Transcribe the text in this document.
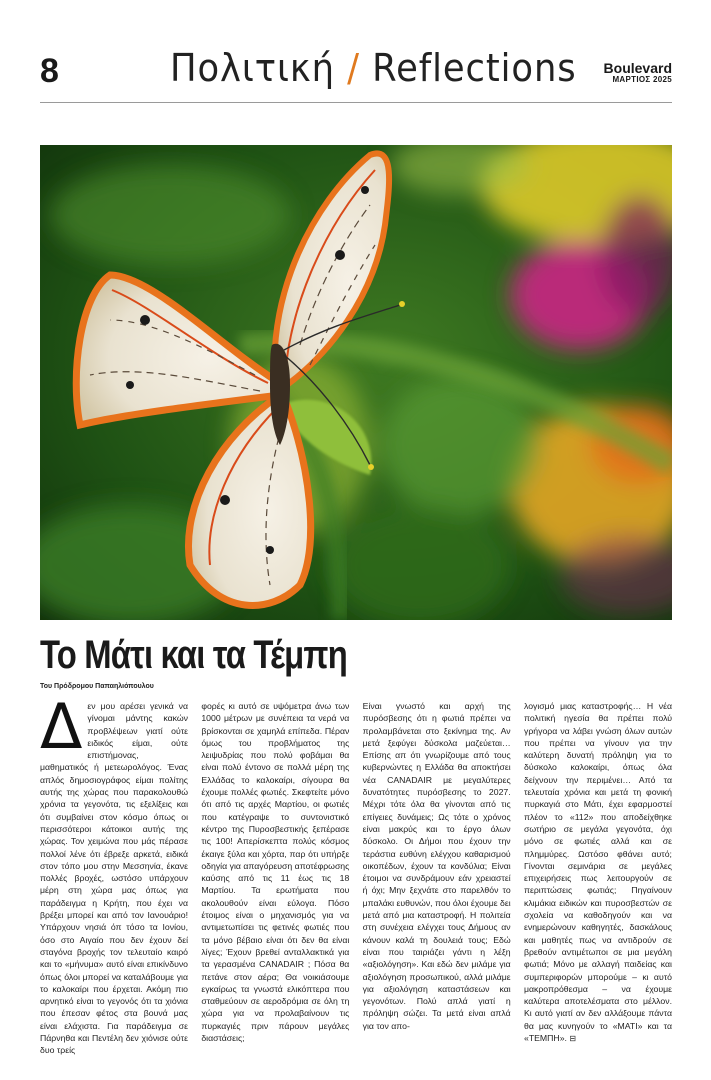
8	Πολιτική / Reflections Boulevard
ΜΑΡΤΙΟΣ 2025
Το Μάτι και τα Τέμπη
Του Πρόδρομου Παπαηλιόπουλου
Δ εν μου αρέσει γενικά να γίνομαι μάντης κακών προβλέψεων γιατί ούτε ειδικός είμαι, ούτε επιστήμονας, μαθηματικός ή μετεωρολόγος. Ένας απλός δημοσιογράφος είμαι πολίτης αυτής της χώρας που παρακολουθώ χρόνια τα γεγονότα, τις εξελίξεις και ότι συμβαίνει στον κόσμο όπως οι περισσότεροι κάτοικοι αυτής της χώρας. Τον χειμώνα που μάς πέρασε πολλοί λένε ότι έβρεξε αρκετά, ειδικά στον τόπο μου στην Μεσσηνία, έκανε πολλές βροχές, ωστόσο υπάρχουν μέρη στη χώρα μας όπως για παράδειγμα η Κρήτη, που έχει να βρέξει μπορεί και από τον Ιανουάριο! Υπάρχουν νησιά όπ τόσο τα Ιονίου, όσο στο Αιγαίο που δεν έχουν δεί σταγόνα βροχής τον τελευταίο καιρό και το «μήνυμα» αυτό είναι επικίνδυνο όπως όλοι μπορεί να καταλάβουμε για το καλοκαίρι που έρχεται. Ακόμη πιο αρνητικό είναι το γεγονός ότι τα χιόνια που έπεσαν φέτος στα βουνά μας είναι ελάχιστα. Για παράδειγμα σε Πάρνηθα και Πεντέλη δεν χιόνισε ούτε δυο τρείς

φορές κι αυτό σε υψόμετρα άνω των 1000 μέτρων με συνέπεια τα νερά να βρίσκονται σε χαμηλά επίπεδα. Πέραν όμως του προβλήματος της λειψυδρίας που πολύ φοβάμαι θα είναι πολύ έντονο σε πολλά μέρη της Ελλάδας το καλοκαίρι, σίγουρα θα έχουμε πολλές φωτιές. Σκεφτείτε μόνο ότι από τις αρχές Μαρτίου, οι φωτιές που κατέγραψε το συντονιστικό κέντρο της Πυροσβεστικής ξεπέρασε τις 100! Απερίσκεπτα πολύς κόσμος έκαιγε ξύλα και χόρτα, παρ ότι υπήρξε οδηγία για απαγόρευση αποτέφρωσης καύσης από τις 11 έως τις 18 Μαρτίου. Τα ερωτήματα που ακολουθούν είναι εύλογα. Πόσο έτοιμος είναι ο μηχανισμός για να αντιμετωπίσει τις φετινές φωτιές που τα μόνο βέβαιο είναι ότι δεν θα είναι λίγες; Έχουν βρεθεί ανταλλακτικά για τα γερασμένα CANADAIR ; Πόσα θα πετάνε στον αέρα; Θα νοικιάσουμε εγκαίρως τα γνωστά ελικόπτερα που σταθμεύουν σε αεροδρόμια σε όλη τη χώρα για να προλαβαίνουν τις πυρκαγιές πριν πάρουν μεγάλες διαστάσεις;

Είναι γνωστό και αρχή της πυρόσβεσης ότι η φωτιά πρέπει να προλαμβάνεται στο ξεκίνημα της. Αν μετά ξεφύγει δύσκολα μαζεύεται… Επίσης απ ότι γνωρίζουμε από τους κυβερνώντες η Ελλάδα θα αποκτήσει νέα CANADAIR με μεγαλύτερες δυνατότητες πυρόσβεσης το 2027. Μέχρι τότε όλα θα γίνονται από τις επίγειες δυνάμεις; Ως τότε ο χρόνος είναι μακρύς και το έργο όλων δύσκολο. Οι Δήμοι που έχουν την τεράστια ευθύνη ελέγχου καθαρισμού οικοπέδων, έχουν τα κονδύλια; Είναι έτοιμοι να συνδράμουν εάν χρειαστεί ή όχι; Μην ξεχνάτε στο παρελθόν το μπαλάκι ευθυνών, που όλοι έχουμε δει μετά από μια καταστροφή. Η πολιτεία στη συνέχεια ελέγχει τους Δήμους αν κάνουν καλά τη δουλειά τους; Εδώ είναι που ταιριάζει γάντι η λέξη «αξιολόγηση». Και εδώ δεν μιλάμε για αξιολόγηση προσωπικού, αλλά μιλάμε για αξιολόγηση καταστάσεων και γεγονότων. Πολύ απλά γιατί η πρόληψη σώζει. Τα μετά είναι απλά για τον απο-

λογισμό μιας καταστροφής… Η νέα πολιτική ηγεσία θα πρέπει πολύ γρήγορα να λάβει γνώση όλων αυτών που πρέπει να γίνουν για την καλύτερη δυνατή πρόληψη για το δύσκολο καλοκαίρι, όπως όλα δείχνουν την περιμένει… Από τα τελευταία χρόνια και μετά τη φονική πυρκαγιά στο Μάτι, έχει εφαρμοστεί πλέον το «112» που αποδείχθηκε σωτήριο σε μεγάλα γεγονότα, όχι μόνο σε φωτιές αλλά και σε πλημμύρες. Ωστόσο φθάνει αυτό; Γίνονται σεμινάρια σε μεγάλες επιχειρήσεις πως λειτουργούν σε περιπτώσεις φωτιάς; Πηγαίνουν κλιμάκια ειδικών και πυροσβεστών σε σχολεία να καθοδηγούν και να ενημερώνουν καθηγητές, δασκάλους και μαθητές πως να αντιδρούν σε βρεθούν αντιμέτωποι σε μια μεγάλη φωτιά; Μόνο με αλλαγή παιδείας και συμπεριφορών μπορούμε – κι αυτό μακροπρόθεσμα – να έχουμε καλύτερα αποτελέσματα στο μέλλον. Κι αυτό γιατί αν δεν αλλάξουμε πάντα θα μας κυνηγούν το «ΜΑΤΙ» και τα «ΤΕΜΠΗ». ⊟
